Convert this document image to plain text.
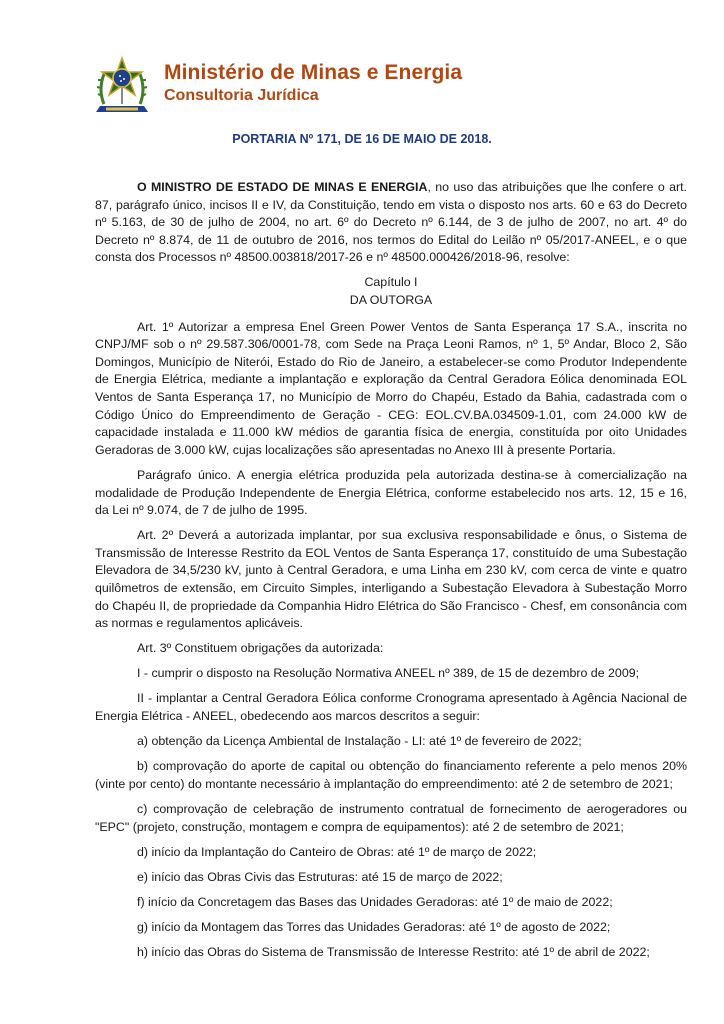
Ministério de Minas e Energia
Consultoria Jurídica
PORTARIA Nº 171, DE 16 DE MAIO DE 2018.

O MINISTRO DE ESTADO DE MINAS E ENERGIA, no uso das atribuições que lhe confere o art. 87, parágrafo único, incisos II e IV, da Constituição, tendo em vista o disposto nos arts. 60 e 63 do Decreto nº 5.163, de 30 de julho de 2004, no art. 6º do Decreto nº 6.144, de 3 de julho de 2007, no art. 4º do Decreto nº 8.874, de 11 de outubro de 2016, nos termos do Edital do Leilão nº 05/2017-ANEEL, e o que consta dos Processos nº 48500.003818/2017-26 e nº 48500.000426/2018-96, resolve:

Capítulo I
DA OUTORGA

Art. 1º Autorizar a empresa Enel Green Power Ventos de Santa Esperança 17 S.A., inscrita no CNPJ/MF sob o nº 29.587.306/0001-78, com Sede na Praça Leoni Ramos, nº 1, 5º Andar, Bloco 2, São Domingos, Município de Niterói, Estado do Rio de Janeiro, a estabelecer-se como Produtor Independente de Energia Elétrica, mediante a implantação e exploração da Central Geradora Eólica denominada EOL Ventos de Santa Esperança 17, no Município de Morro do Chapéu, Estado da Bahia, cadastrada com o Código Único do Empreendimento de Geração - CEG: EOL.CV.BA.034509-1.01, com 24.000 kW de capacidade instalada e 11.000 kW médios de garantia física de energia, constituída por oito Unidades Geradoras de 3.000 kW, cujas localizações são apresentadas no Anexo III à presente Portaria.

Parágrafo único. A energia elétrica produzida pela autorizada destina-se à comercialização na modalidade de Produção Independente de Energia Elétrica, conforme estabelecido nos arts. 12, 15 e 16, da Lei nº 9.074, de 7 de julho de 1995.

Art. 2º Deverá a autorizada implantar, por sua exclusiva responsabilidade e ônus, o Sistema de Transmissão de Interesse Restrito da EOL Ventos de Santa Esperança 17, constituído de uma Subestação Elevadora de 34,5/230 kV, junto à Central Geradora, e uma Linha em 230 kV, com cerca de vinte e quatro quilômetros de extensão, em Circuito Simples, interligando a Subestação Elevadora à Subestação Morro do Chapéu II, de propriedade da Companhia Hidro Elétrica do São Francisco - Chesf, em consonância com as normas e regulamentos aplicáveis.

Art. 3º Constituem obrigações da autorizada:

I - cumprir o disposto na Resolução Normativa ANEEL nº 389, de 15 de dezembro de 2009;

II - implantar a Central Geradora Eólica conforme Cronograma apresentado à Agência Nacional de Energia Elétrica - ANEEL, obedecendo aos marcos descritos a seguir:

a) obtenção da Licença Ambiental de Instalação - LI: até 1º de fevereiro de 2022;

b) comprovação do aporte de capital ou obtenção do financiamento referente a pelo menos 20% (vinte por cento) do montante necessário à implantação do empreendimento: até 2 de setembro de 2021;

c) comprovação de celebração de instrumento contratual de fornecimento de aerogeradores ou "EPC" (projeto, construção, montagem e compra de equipamentos): até 2 de setembro de 2021;

d) início da Implantação do Canteiro de Obras: até 1º de março de 2022;

e) início das Obras Civis das Estruturas: até 15 de março de 2022;

f) início da Concretagem das Bases das Unidades Geradoras: até 1º de maio de 2022;

g) início da Montagem das Torres das Unidades Geradoras: até 1º de agosto de 2022;

h) início das Obras do Sistema de Transmissão de Interesse Restrito: até 1º de abril de 2022;
